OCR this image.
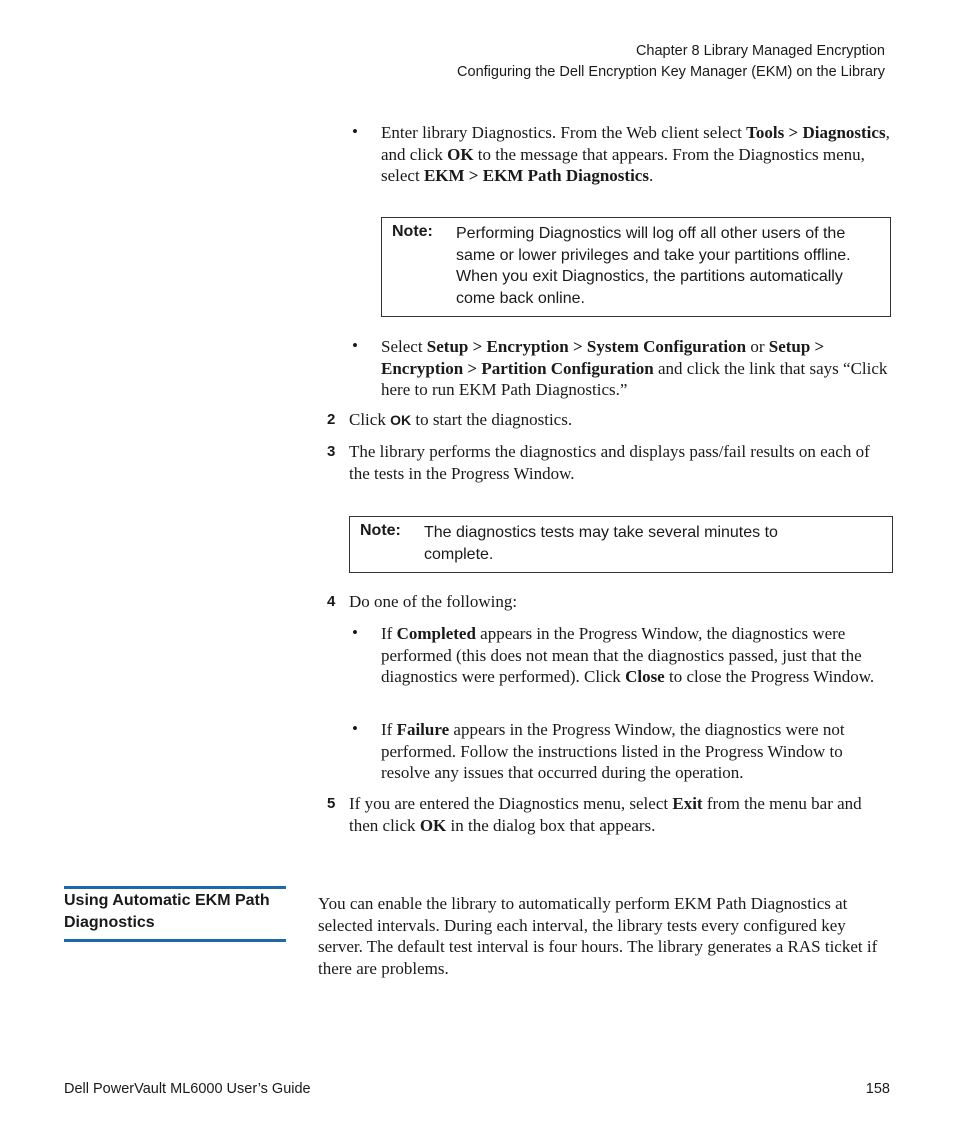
Chapter 8 Library Managed Encryption
Configuring the Dell Encryption Key Manager (EKM) on the Library
• Enter library Diagnostics. From the Web client select Tools > Diagnostics, and click OK to the message that appears. From the Diagnostics menu, select EKM > EKM Path Diagnostics.
Note: Performing Diagnostics will log off all other users of the same or lower privileges and take your partitions offline. When you exit Diagnostics, the partitions automatically come back online.
• Select Setup > Encryption > System Configuration or Setup > Encryption > Partition Configuration and click the link that says “Click here to run EKM Path Diagnostics.”
2 Click OK to start the diagnostics.
3 The library performs the diagnostics and displays pass/fail results on each of the tests in the Progress Window.
Note: The diagnostics tests may take several minutes to complete.
4 Do one of the following:
• If Completed appears in the Progress Window, the diagnostics were performed (this does not mean that the diagnostics passed, just that the diagnostics were performed). Click Close to close the Progress Window.
• If Failure appears in the Progress Window, the diagnostics were not performed. Follow the instructions listed in the Progress Window to resolve any issues that occurred during the operation.
5 If you are entered the Diagnostics menu, select Exit from the menu bar and then click OK in the dialog box that appears.
Using Automatic EKM Path Diagnostics
You can enable the library to automatically perform EKM Path Diagnostics at selected intervals. During each interval, the library tests every configured key server. The default test interval is four hours. The library generates a RAS ticket if there are problems.
Dell PowerVault ML6000 User’s Guide	158
